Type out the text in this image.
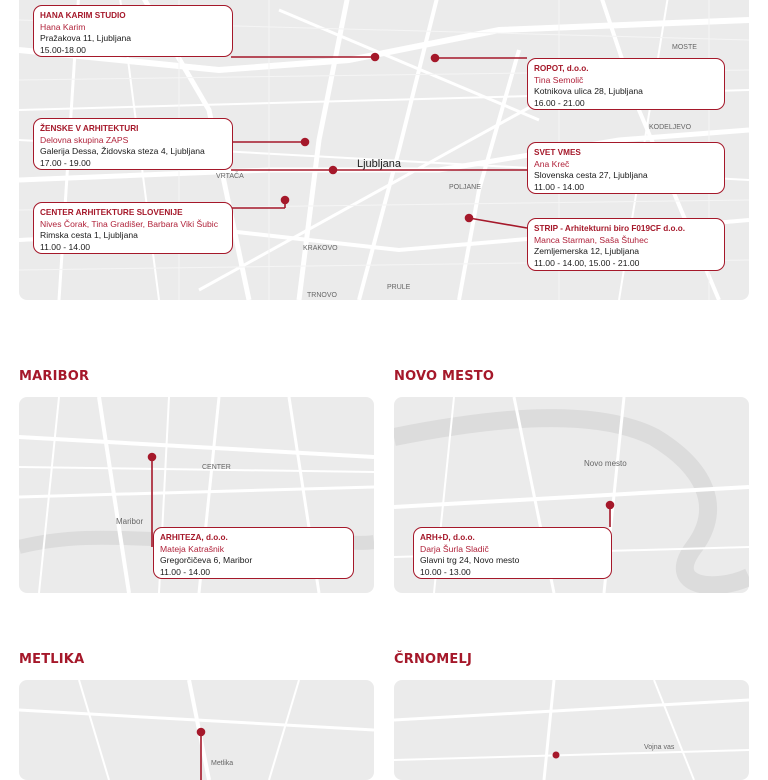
Ljubljana
MOSTE
KODELJEVO
POLJANE
VRTAČA
KRAKOVO
TRNOVO
PRULE
HANA KARIM STUDIO
Hana Karim
Pražakova 11, Ljubljana
15.00-18.00
ROPOT, d.o.o.
Tina Semolič
Kotnikova ulica 28, Ljubljana
16.00 - 21.00
ŽENSKE V ARHITEKTURI
Delovna skupina ZAPS
Galerija Dessa, Židovska steza 4, Ljubljana
17.00 - 19.00
SVET VMES
Ana Kreč
Slovenska cesta 27, Ljubljana
11.00 - 14.00
CENTER ARHITEKTURE SLOVENIJE
Nives Čorak, Tina Gradišer, Barbara Viki Šubic
Rimska cesta 1, Ljubljana
11.00 - 14.00
STRIP - Arhitekturni biro F019CF d.o.o.
Manca Starman, Saša Štuhec
Zemljemerska 12, Ljubljana
11.00 - 14.00, 15.00 - 21.00
MARIBOR
Maribor
CENTER
ARHITEZA, d.o.o.
Mateja Katrašnik
Gregorčičeva 6, Maribor
11.00 - 14.00
NOVO MESTO
Novo mesto
ARH+D, d.o.o.
Darja Šurla Sladič
Glavni trg 24, Novo mesto
10.00 - 13.00
METLIKA
Metlika
ČRNOMELJ
Vojna vas
